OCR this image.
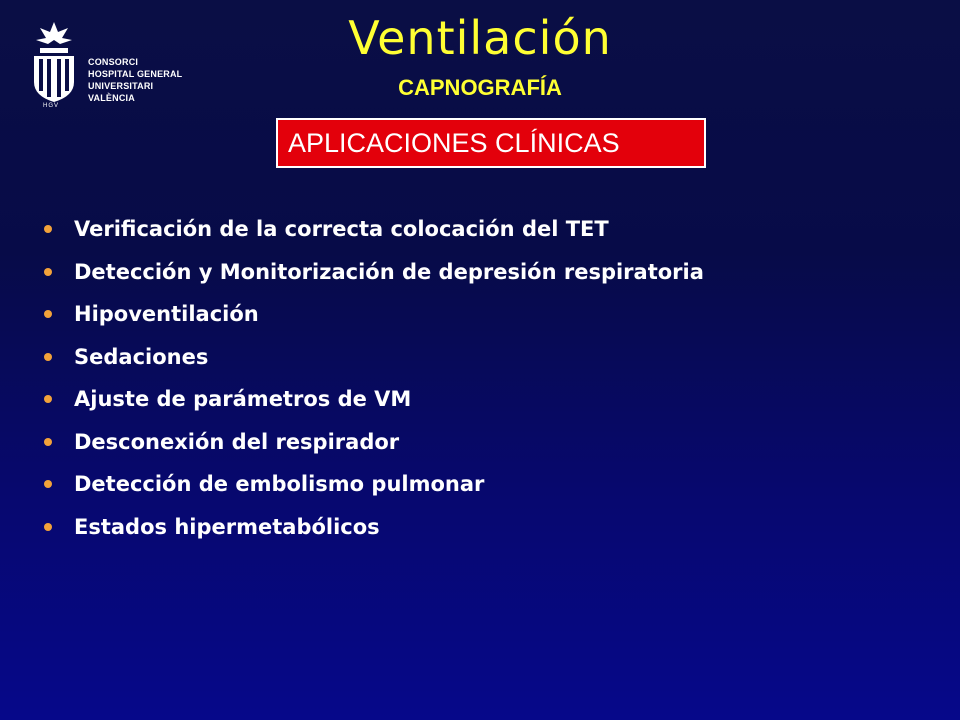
HGV
CONSORCI
HOSPITAL GENERAL
UNIVERSITARI
VALÈNCIA
Ventilación
CAPNOGRAFÍA
APLICACIONES CLÍNICAS
Verificación de la correcta colocación del TET
Detección y Monitorización de depresión respiratoria
Hipoventilación
Sedaciones
Ajuste de parámetros de VM
Desconexión del respirador
Detección de embolismo pulmonar
Estados hipermetabólicos
